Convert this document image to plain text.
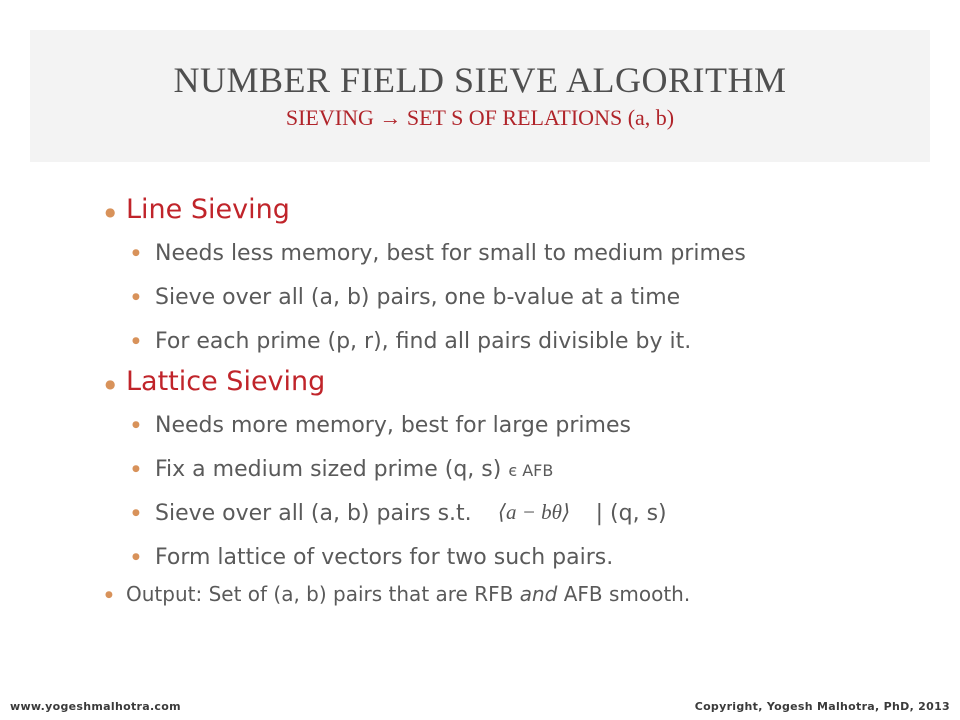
NUMBER FIELD SIEVE ALGORITHM
SIEVING → SET S OF RELATIONS (a, b)
● Line Sieving
● Needs less memory, best for small to medium primes
● Sieve over all (a, b) pairs, one b-value at a time
● For each prime (p, r), find all pairs divisible by it.
● Lattice Sieving
● Needs more memory, best for large primes
● Fix a medium sized prime (q, s) є AFB
● Sieve over all (a, b) pairs s.t. ⟨a − bθ⟩ | (q, s)
● Form lattice of vectors for two such pairs.
● Output: Set of (a, b) pairs that are RFB and AFB smooth.
www.yogeshmalhotra.com	Copyright, Yogesh Malhotra, PhD, 2013
